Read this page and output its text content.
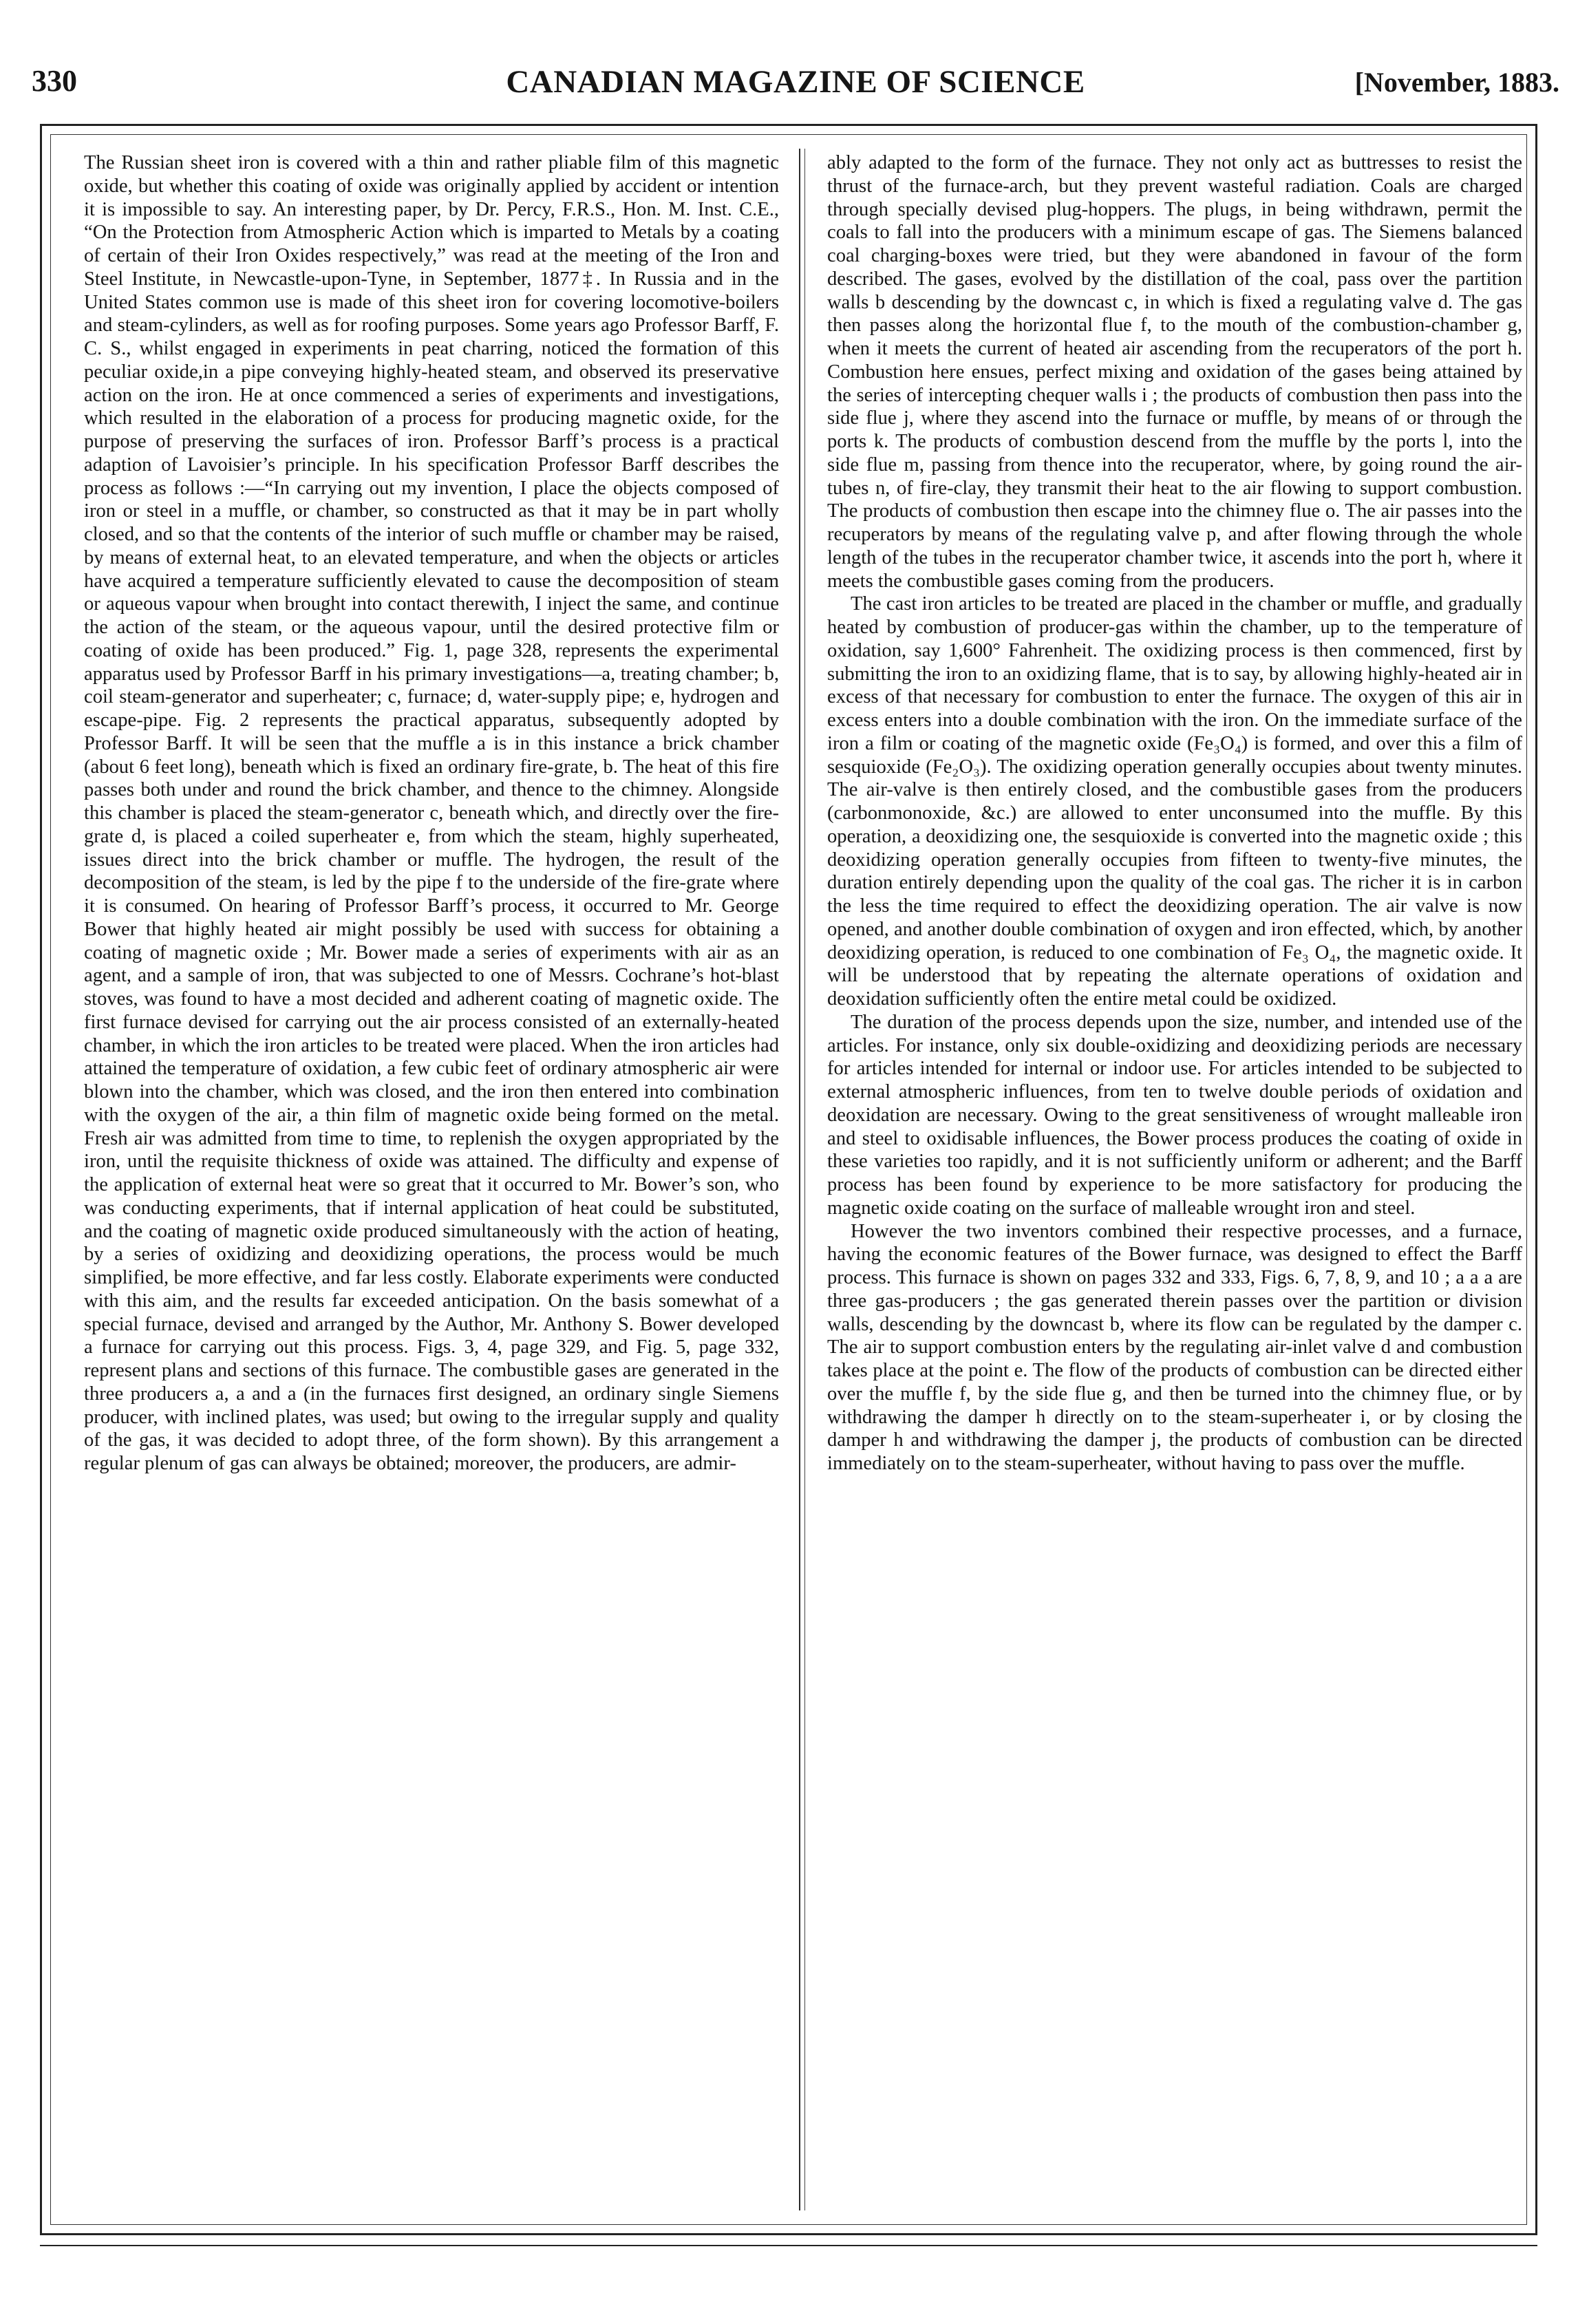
330	CANADIAN MAGAZINE OF SCIENCE	[November, 1883.

The Russian sheet iron is covered with a thin and rather pliable film of this magnetic oxide, but whether this coating of oxide was originally applied by accident or intention it is impossible to say. An interesting paper, by Dr. Percy, F.R.S., Hon. M. Inst. C.E., “On the Protection from Atmospheric Action which is imparted to Metals by a coating of certain of their Iron Oxides respectively,” was read at the meeting of the Iron and Steel Institute, in Newcastle-upon-Tyne, in September, 1877‡. In Russia and in the United States common use is made of this sheet iron for covering locomotive-boilers and steam-cylinders, as well as for roofing purposes. Some years ago Professor Barff, F. C. S., whilst engaged in experiments in peat charring, noticed the formation of this peculiar oxide,in a pipe conveying highly-heated steam, and observed its preservative action on the iron. He at once commenced a series of experiments and investigations, which resulted in the elaboration of a process for producing magnetic oxide, for the purpose of preserving the surfaces of iron. Professor Barff’s process is a practical adaption of Lavoisier’s principle. In his specification Professor Barff describes the process as follows :—“In carrying out my invention, I place the objects composed of iron or steel in a muffle, or chamber, so constructed as that it may be in part wholly closed, and so that the contents of the interior of such muffle or chamber may be raised, by means of external heat, to an elevated temperature, and when the objects or articles have acquired a temperature sufficiently elevated to cause the decomposition of steam or aqueous vapour when brought into contact therewith, I inject the same, and continue the action of the steam, or the aqueous vapour, until the desired protective film or coating of oxide has been produced.” Fig. 1, page 328, represents the experimental apparatus used by Professor Barff in his primary investigations—a, treating chamber; b, coil steam-generator and superheater; c, furnace; d, water-supply pipe; e, hydrogen and escape-pipe. Fig. 2 represents the practical apparatus, subsequently adopted by Professor Barff. It will be seen that the muffle a is in this instance a brick chamber (about 6 feet long), beneath which is fixed an ordinary fire-grate, b. The heat of this fire passes both under and round the brick chamber, and thence to the chimney. Alongside this chamber is placed the steam-generator c, beneath which, and directly over the fire-grate d, is placed a coiled superheater e, from which the steam, highly superheated, issues direct into the brick chamber or muffle. The hydrogen, the result of the decomposition of the steam, is led by the pipe f to the underside of the fire-grate where it is consumed. On hearing of Professor Barff’s process, it occurred to Mr. George Bower that highly heated air might possibly be used with success for obtaining a coating of magnetic oxide ; Mr. Bower made a series of experiments with air as an agent, and a sample of iron, that was subjected to one of Messrs. Cochrane’s hot-blast stoves, was found to have a most decided and adherent coating of magnetic oxide. The first furnace devised for carrying out the air process consisted of an externally-heated chamber, in which the iron articles to be treated were placed. When the iron articles had attained the temperature of oxidation, a few cubic feet of ordinary atmospheric air were blown into the chamber, which was closed, and the iron then entered into combination with the oxygen of the air, a thin film of magnetic oxide being formed on the metal. Fresh air was admitted from time to time, to replenish the oxygen appropriated by the iron, until the requisite thickness of oxide was attained. The difficulty and expense of the application of external heat were so great that it occurred to Mr. Bower’s son, who was conducting experiments, that if internal application of heat could be substituted, and the coating of magnetic oxide produced simultaneously with the action of heating, by a series of oxidizing and deoxidizing operations, the process would be much simplified, be more effective, and far less costly. Elaborate experiments were conducted with this aim, and the results far exceeded anticipation. On the basis somewhat of a special furnace, devised and arranged by the Author, Mr. Anthony S. Bower developed a furnace for carrying out this process. Figs. 3, 4, page 329, and Fig. 5, page 332, represent plans and sections of this furnace. The combustible gases are generated in the three producers a, a and a (in the furnaces first designed, an ordinary single Siemens producer, with inclined plates, was used; but owing to the irregular supply and quality of the gas, it was decided to adopt three, of the form shown). By this arrangement a regular plenum of gas can always be obtained; moreover, the producers, are admir-

ably adapted to the form of the furnace. They not only act as buttresses to resist the thrust of the furnace-arch, but they prevent wasteful radiation. Coals are charged through specially devised plug-hoppers. The plugs, in being withdrawn, permit the coals to fall into the producers with a minimum escape of gas. The Siemens balanced coal charging-boxes were tried, but they were abandoned in favour of the form described. The gases, evolved by the distillation of the coal, pass over the partition walls b descending by the downcast c, in which is fixed a regulating valve d. The gas then passes along the horizontal flue f, to the mouth of the combustion-chamber g, when it meets the current of heated air ascending from the recuperators of the port h. Combustion here ensues, perfect mixing and oxidation of the gases being attained by the series of intercepting chequer walls i ; the products of combustion then pass into the side flue j, where they ascend into the furnace or muffle, by means of or through the ports k. The products of combustion descend from the muffle by the ports l, into the side flue m, passing from thence into the recuperator, where, by going round the air-tubes n, of fire-clay, they transmit their heat to the air flowing to support combustion. The products of combustion then escape into the chimney flue o. The air passes into the recuperators by means of the regulating valve p, and after flowing through the whole length of the tubes in the recuperator chamber twice, it ascends into the port h, where it meets the combustible gases coming from the producers.

The cast iron articles to be treated are placed in the chamber or muffle, and gradually heated by combustion of producer-gas within the chamber, up to the temperature of oxidation, say 1,600° Fahrenheit. The oxidizing process is then commenced, first by submitting the iron to an oxidizing flame, that is to say, by allowing highly-heated air in excess of that necessary for combustion to enter the furnace. The oxygen of this air in excess enters into a double combination with the iron. On the immediate surface of the iron a film or coating of the magnetic oxide (Fe₃O₄) is formed, and over this a film of sesquioxide (Fe₂O₃). The oxidizing operation generally occupies about twenty minutes. The air-valve is then entirely closed, and the combustible gases from the producers (carbonmonoxide, &c.) are allowed to enter unconsumed into the muffle. By this operation, a deoxidizing one, the sesquioxide is converted into the magnetic oxide ; this deoxidizing operation generally occupies from fifteen to twenty-five minutes, the duration entirely depending upon the quality of the coal gas. The richer it is in carbon the less the time required to effect the deoxidizing operation. The air valve is now opened, and another double combination of oxygen and iron effected, which, by another deoxidizing operation, is reduced to one combination of Fe₃ O₄, the magnetic oxide. It will be understood that by repeating the alternate operations of oxidation and deoxidation sufficiently often the entire metal could be oxidized.

The duration of the process depends upon the size, number, and intended use of the articles. For instance, only six double-oxidizing and deoxidizing periods are necessary for articles intended for internal or indoor use. For articles intended to be subjected to external atmospheric influences, from ten to twelve double periods of oxidation and deoxidation are necessary. Owing to the great sensitiveness of wrought malleable iron and steel to oxidisable influences, the Bower process produces the coating of oxide in these varieties too rapidly, and it is not sufficiently uniform or adherent; and the Barff process has been found by experience to be more satisfactory for producing the magnetic oxide coating on the surface of malleable wrought iron and steel.

However the two inventors combined their respective processes, and a furnace, having the economic features of the Bower furnace, was designed to effect the Barff process. This furnace is shown on pages 332 and 333, Figs. 6, 7, 8, 9, and 10 ; a a a are three gas-producers ; the gas generated therein passes over the partition or division walls, descending by the downcast b, where its flow can be regulated by the damper c. The air to support combustion enters by the regulating air-inlet valve d and combustion takes place at the point e. The flow of the products of combustion can be directed either over the muffle f, by the side flue g, and then be turned into the chimney flue, or by withdrawing the damper h directly on to the steam-superheater i, or by closing the damper h and withdrawing the damper j, the products of combustion can be directed immediately on to the steam-superheater, without having to pass over the muffle.
